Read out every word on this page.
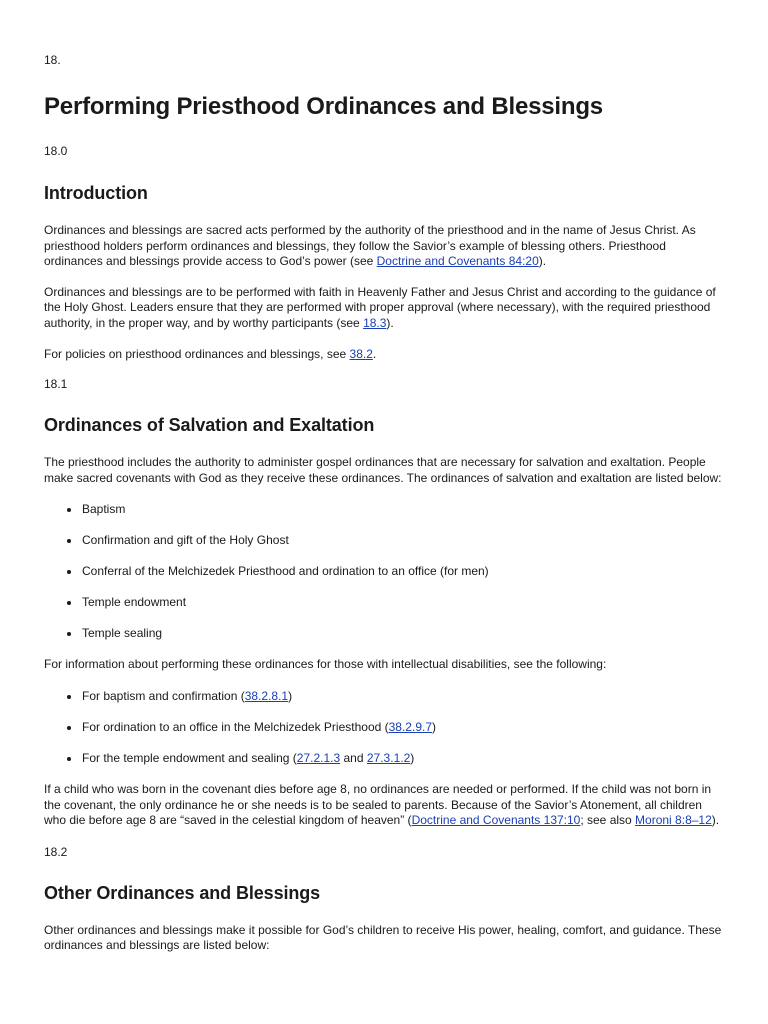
18.

Performing Priesthood Ordinances and Blessings

18.0

Introduction

Ordinances and blessings are sacred acts performed by the authority of the priesthood and in the name of Jesus Christ. As priesthood holders perform ordinances and blessings, they follow the Savior’s example of blessing others. Priesthood ordinances and blessings provide access to God’s power (see Doctrine and Covenants 84:20).

Ordinances and blessings are to be performed with faith in Heavenly Father and Jesus Christ and according to the guidance of the Holy Ghost. Leaders ensure that they are performed with proper approval (where necessary), with the required priesthood authority, in the proper way, and by worthy participants (see 18.3).

For policies on priesthood ordinances and blessings, see 38.2.

18.1

Ordinances of Salvation and Exaltation

The priesthood includes the authority to administer gospel ordinances that are necessary for salvation and exaltation. People make sacred covenants with God as they receive these ordinances. The ordinances of salvation and exaltation are listed below:

Baptism
Confirmation and gift of the Holy Ghost
Conferral of the Melchizedek Priesthood and ordination to an office (for men)
Temple endowment
Temple sealing

For information about performing these ordinances for those with intellectual disabilities, see the following:

For baptism and confirmation (38.2.8.1)
For ordination to an office in the Melchizedek Priesthood (38.2.9.7)
For the temple endowment and sealing (27.2.1.3 and 27.3.1.2)

If a child who was born in the covenant dies before age 8, no ordinances are needed or performed. If the child was not born in the covenant, the only ordinance he or she needs is to be sealed to parents. Because of the Savior’s Atonement, all children who die before age 8 are “saved in the celestial kingdom of heaven” (Doctrine and Covenants 137:10; see also Moroni 8:8–12).

18.2

Other Ordinances and Blessings

Other ordinances and blessings make it possible for God’s children to receive His power, healing, comfort, and guidance. These ordinances and blessings are listed below:
